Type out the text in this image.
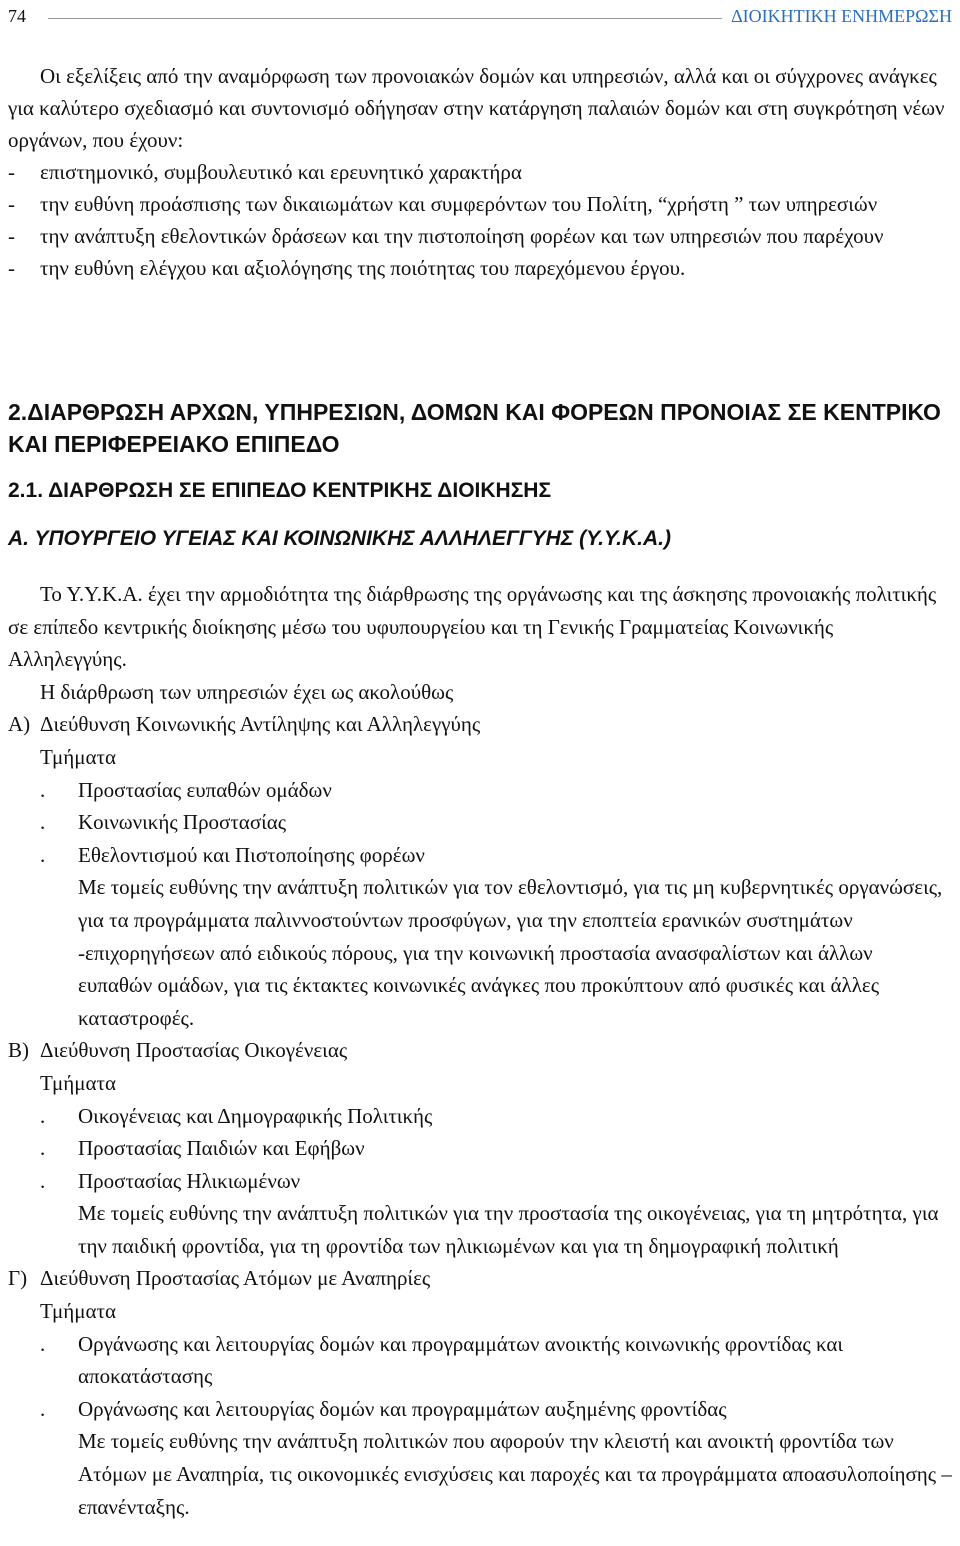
74	ΔΙΟΙΚΗΤΙΚΗ ΕΝΗΜΕΡΩΣΗ
Οι εξελίξεις από την αναμόρφωση των προνοιακών δομών και υπηρεσιών, αλλά και οι σύγχρονες ανάγκες για καλύτερο σχεδιασμό και συντονισμό οδήγησαν στην κατάργηση παλαιών δομών και στη συγκρότηση νέων οργάνων, που έχουν:
- επιστημονικό, συμβουλευτικό και ερευνητικό χαρακτήρα
- την ευθύνη προάσπισης των δικαιωμάτων και συμφερόντων του Πολίτη, “χρήστη ” των υπηρεσιών
- την ανάπτυξη εθελοντικών δράσεων και την πιστοποίηση φορέων και των υπηρεσιών που παρέχουν
- την ευθύνη ελέγχου και αξιολόγησης της ποιότητας του παρεχόμενου έργου.
2.ΔΙΑΡΘΡΩΣΗ ΑΡΧΩΝ, ΥΠΗΡΕΣΙΩΝ, ΔΟΜΩΝ ΚΑΙ ΦΟΡΕΩΝ ΠΡΟΝΟΙΑΣ ΣΕ ΚΕΝΤΡΙΚΟ ΚΑΙ ΠΕΡΙΦΕΡΕΙΑΚΟ ΕΠΙΠΕΔΟ
2.1. ΔΙΑΡΘΡΩΣΗ ΣΕ ΕΠΙΠΕΔΟ ΚΕΝΤΡΙΚΗΣ ΔΙΟΙΚΗΣΗΣ
Α. ΥΠΟΥΡΓΕΙΟ ΥΓΕΙΑΣ ΚΑΙ ΚΟΙΝΩΝΙΚΗΣ ΑΛΛΗΛΕΓΓΥΗΣ (Υ.Υ.Κ.Α.)
Το Υ.Υ.Κ.Α. έχει την αρμοδιότητα της διάρθρωσης της οργάνωσης και της άσκησης προνοιακής πολιτικής σε επίπεδο κεντρικής διοίκησης μέσω του υφυπουργείου και τη Γενικής Γραμματείας Κοινωνικής Αλληλεγγύης.
Η διάρθρωση των υπηρεσιών έχει ως ακολούθως
Α) Διεύθυνση Κοινωνικής Αντίληψης και Αλληλεγγύης
Τμήματα
. Προστασίας ευπαθών ομάδων
. Κοινωνικής Προστασίας
. Εθελοντισμού και Πιστοποίησης φορέων
Με τομείς ευθύνης την ανάπτυξη πολιτικών για τον εθελοντισμό, για τις μη κυβερνητικές οργανώσεις, για τα προγράμματα παλιννοστούντων προσφύγων, για την εποπτεία ερανικών συστημάτων -επιχορηγήσεων από ειδικούς πόρους, για την κοινωνική προστασία ανασφαλίστων και άλλων ευπαθών ομάδων, για τις έκτακτες κοινωνικές ανάγκες που προκύπτουν από φυσικές και άλλες καταστροφές.
Β) Διεύθυνση Προστασίας Οικογένειας
Τμήματα
. Οικογένειας και Δημογραφικής Πολιτικής
. Προστασίας Παιδιών και Εφήβων
. Προστασίας Ηλικιωμένων
Με τομείς ευθύνης την ανάπτυξη πολιτικών για την προστασία της οικογένειας, για τη μητρότητα, για την παιδική φροντίδα, για τη φροντίδα των ηλικιωμένων και για τη δημογραφική πολιτική
Γ) Διεύθυνση Προστασίας Ατόμων με Αναπηρίες
Τμήματα
. Οργάνωσης και λειτουργίας δομών και προγραμμάτων ανοικτής κοινωνικής φροντίδας και αποκατάστασης
. Οργάνωσης και λειτουργίας δομών και προγραμμάτων αυξημένης φροντίδας
Με τομείς ευθύνης την ανάπτυξη πολιτικών που αφορούν την κλειστή και ανοικτή φροντίδα των Ατόμων με Αναπηρία, τις οικονομικές ενισχύσεις και παροχές και τα προγράμματα αποασυλοποίησης – επανένταξης.
